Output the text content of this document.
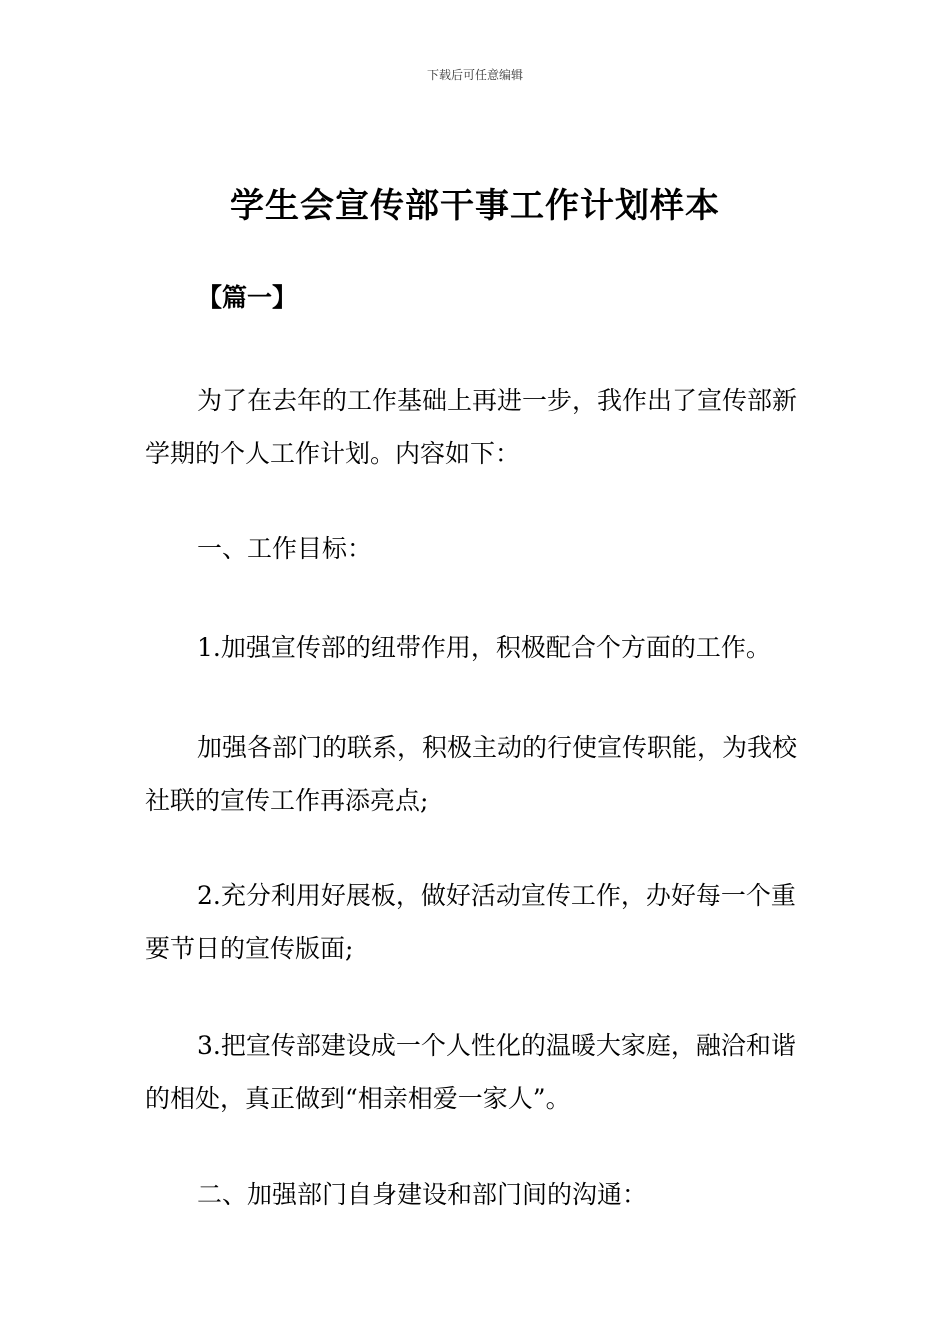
下载后可任意编辑
学生会宣传部干事工作计划样本
【篇一】
为了在去年的工作基础上再进一步，我作出了宣传部新学期的个人工作计划。内容如下：
一、工作目标：
1.加强宣传部的纽带作用，积极配合个方面的工作。
加强各部门的联系，积极主动的行使宣传职能，为我校社联的宣传工作再添亮点;
2.充分利用好展板，做好活动宣传工作，办好每一个重要节日的宣传版面;
3.把宣传部建设成一个人性化的温暖大家庭，融洽和谐的相处，真正做到“相亲相爱一家人”。
二、加强部门自身建设和部门间的沟通：
